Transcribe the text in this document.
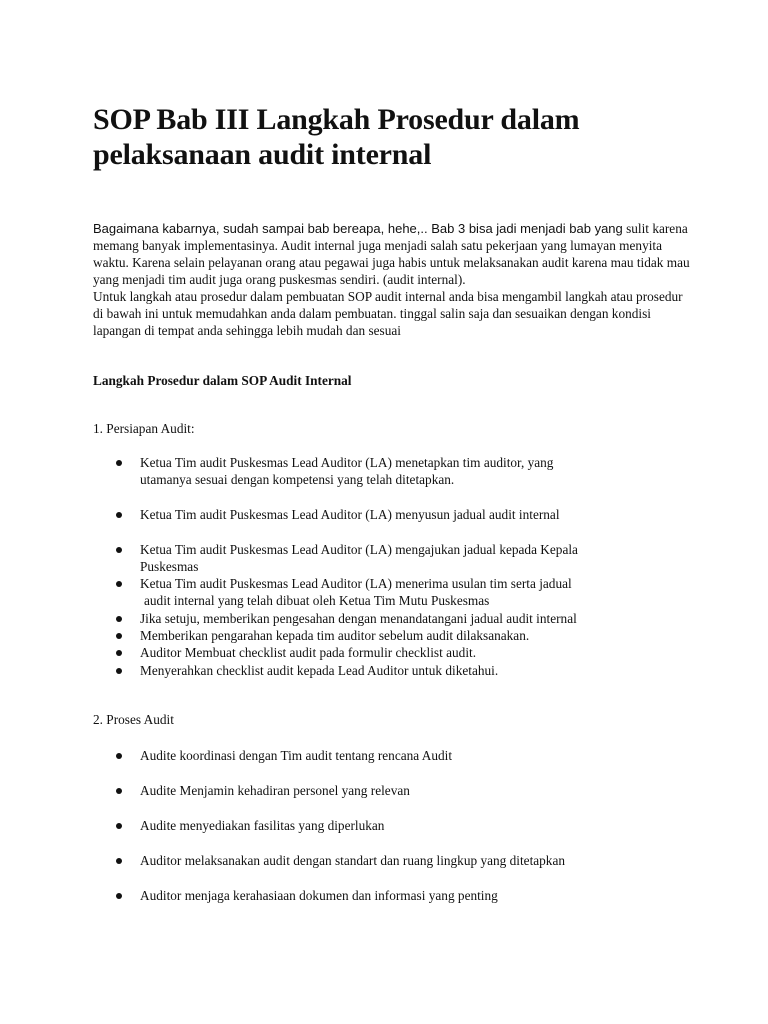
SOP Bab III Langkah Prosedur dalam
pelaksanaan audit internal

Bagaimana kabarnya, sudah sampai bab bereapa, hehe,.. Bab 3 bisa jadi menjadi bab yang sulit karena memang banyak implementasinya. Audit internal juga menjadi salah satu pekerjaan yang lumayan menyita waktu. Karena selain pelayanan orang atau pegawai juga habis untuk melaksanakan audit karena mau tidak mau yang menjadi tim audit juga orang puskesmas sendiri. (audit internal).

Untuk langkah atau prosedur dalam pembuatan SOP audit internal anda bisa mengambil langkah atau prosedur di bawah ini untuk memudahkan anda dalam pembuatan. tinggal salin saja dan sesuaikan dengan kondisi lapangan di tempat anda sehingga lebih mudah dan sesuai

Langkah Prosedur dalam SOP Audit Internal

1. Persiapan Audit:

Ketua Tim audit Puskesmas Lead Auditor (LA) menetapkan tim auditor, yang
utamanya sesuai dengan kompetensi yang telah ditetapkan.
Ketua Tim audit Puskesmas Lead Auditor (LA) menyusun jadual audit internal
Ketua Tim audit Puskesmas Lead Auditor (LA) mengajukan jadual kepada Kepala
Puskesmas
Ketua Tim audit Puskesmas Lead Auditor (LA) menerima usulan tim serta jadual
audit internal yang telah dibuat oleh Ketua Tim Mutu Puskesmas
Jika setuju, memberikan pengesahan dengan menandatangani jadual audit internal
Memberikan pengarahan kepada tim auditor sebelum audit dilaksanakan.
Auditor Membuat checklist audit pada formulir checklist audit.
Menyerahkan checklist audit kepada Lead Auditor untuk diketahui.

2. Proses Audit

Audite koordinasi dengan Tim audit tentang rencana Audit
Audite Menjamin kehadiran personel yang relevan
Audite menyediakan fasilitas yang diperlukan
Auditor melaksanakan audit dengan standart dan ruang lingkup yang ditetapkan
Auditor menjaga kerahasiaan dokumen dan informasi yang penting
